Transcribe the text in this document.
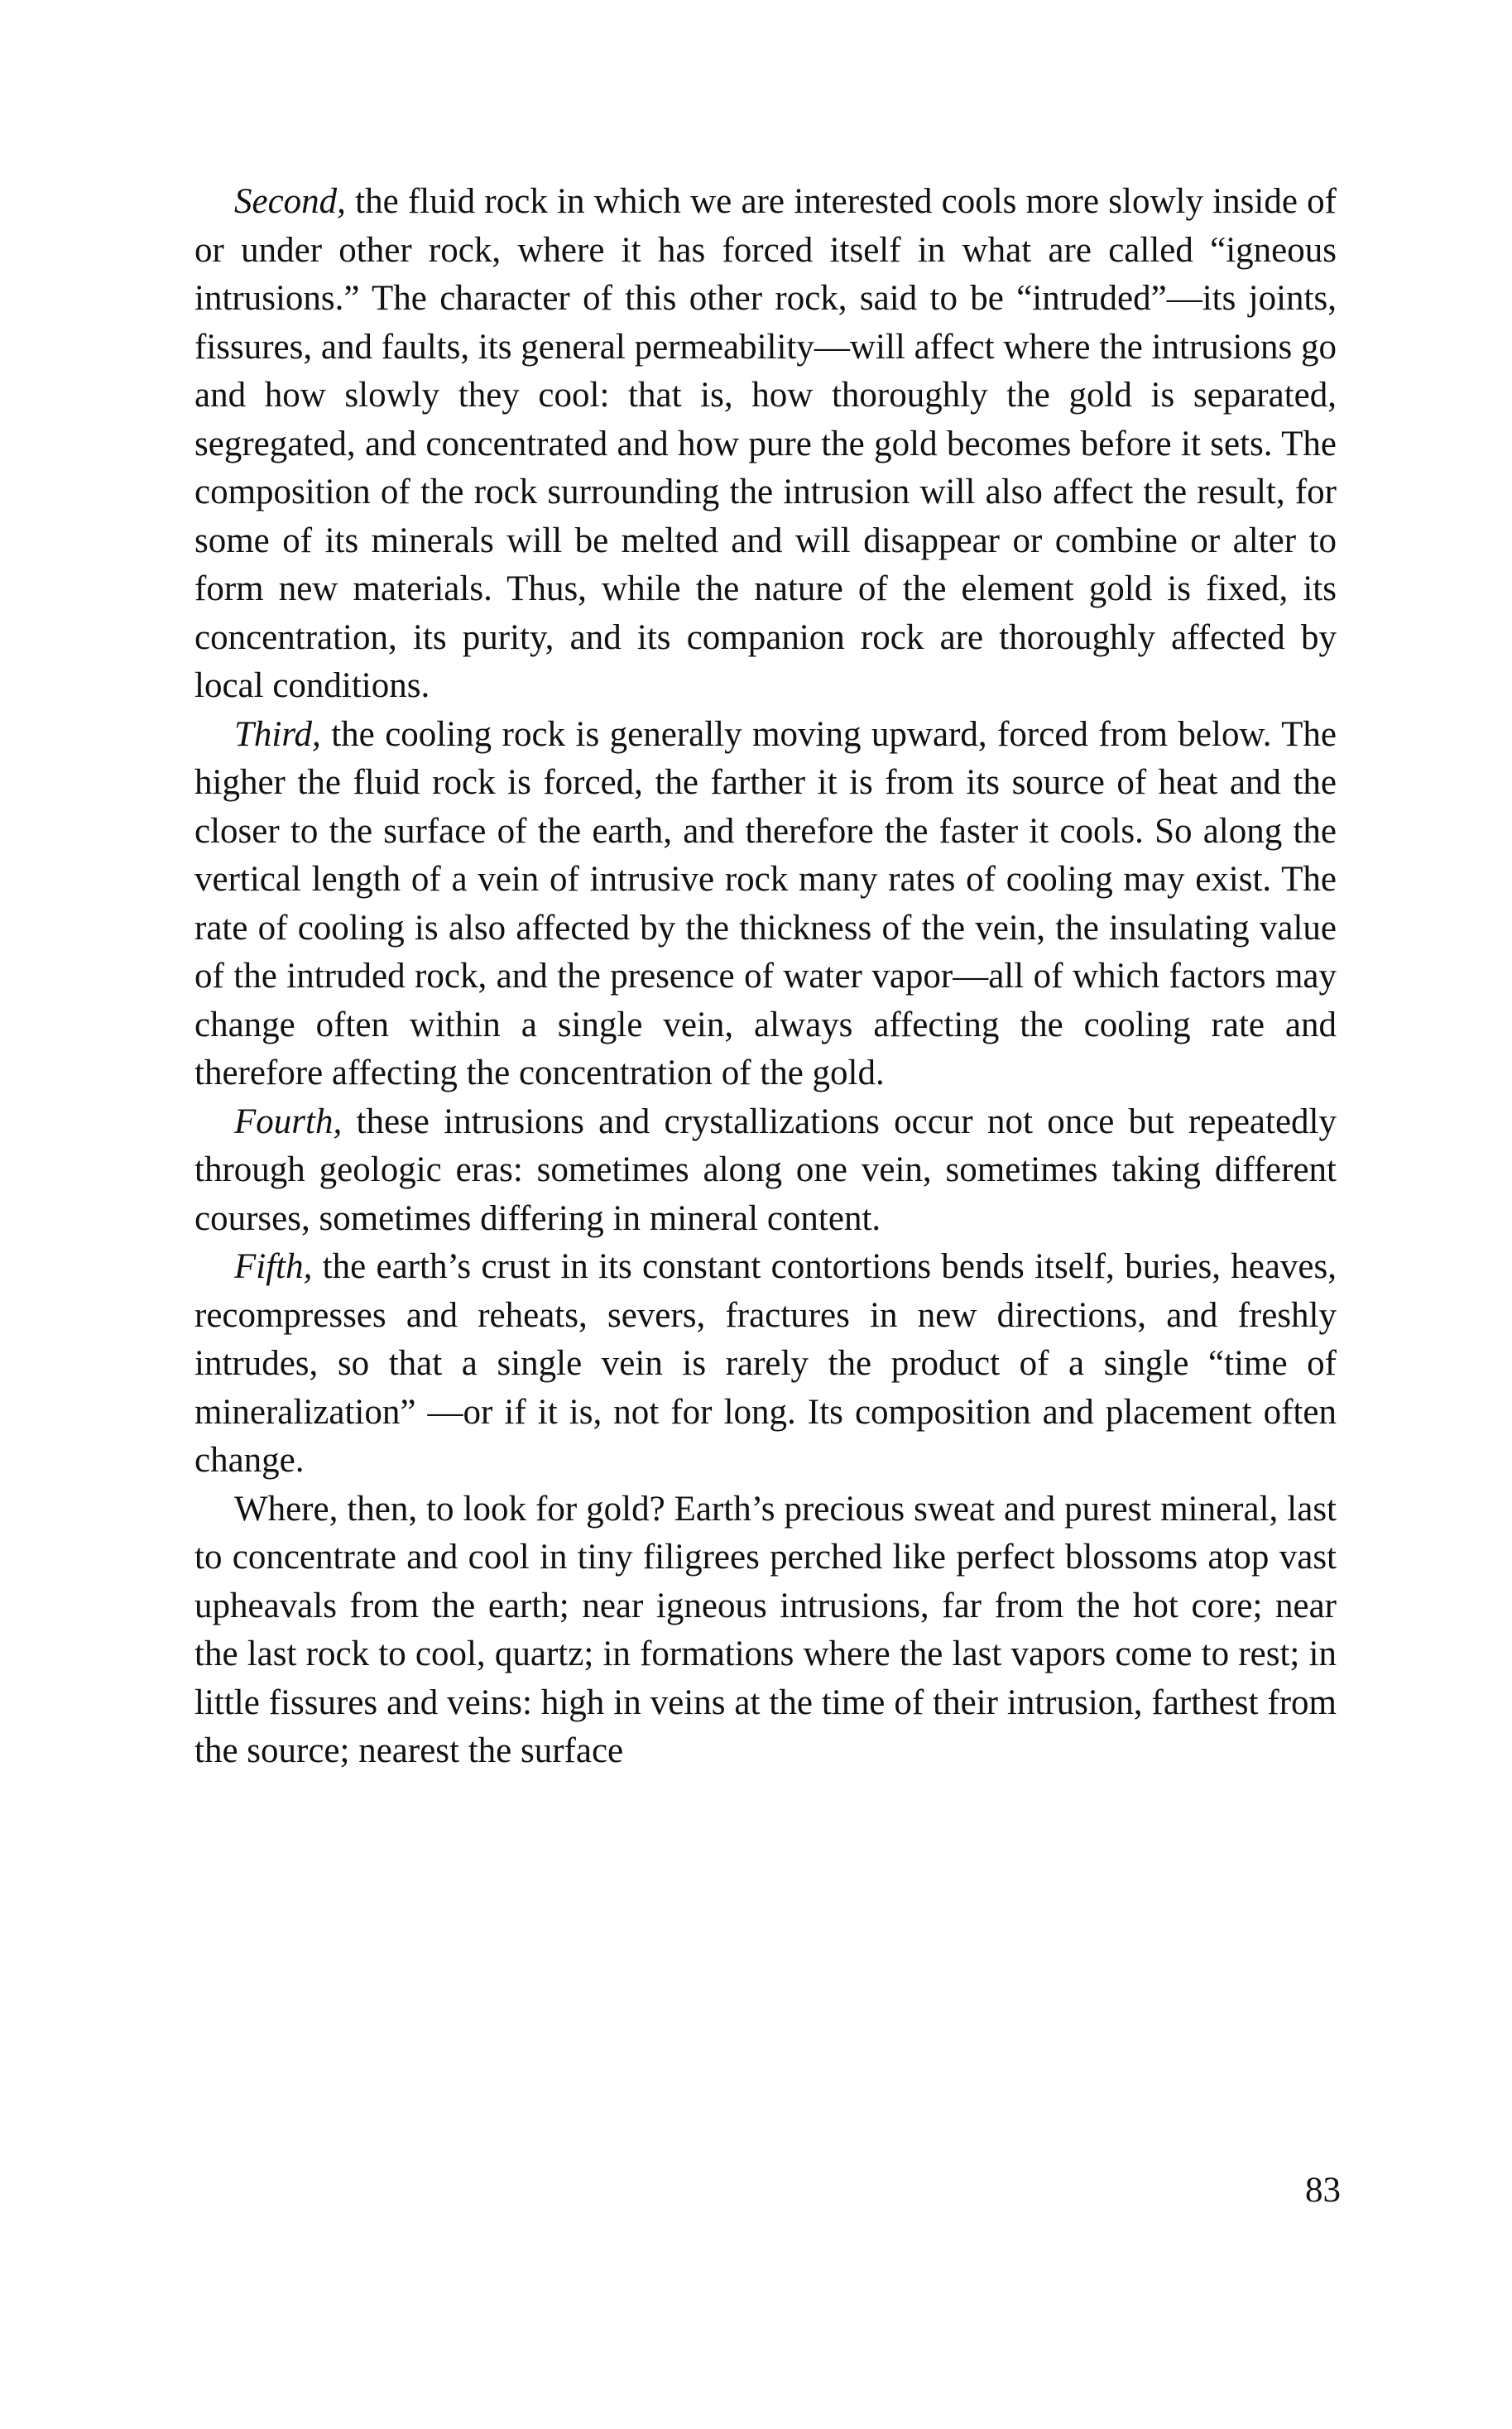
Second, the fluid rock in which we are interested cools more slowly inside of or under other rock, where it has forced itself in what are called “igneous intrusions.” The character of this other rock, said to be “intruded”—its joints, fissures, and faults, its general permeability—will affect where the intrusions go and how slowly they cool: that is, how thoroughly the gold is separated, segregated, and concentrated and how pure the gold becomes before it sets. The composition of the rock surrounding the intrusion will also affect the result, for some of its minerals will be melted and will disappear or combine or alter to form new materials. Thus, while the nature of the element gold is fixed, its concentration, its purity, and its companion rock are thoroughly affected by local conditions.

Third, the cooling rock is generally moving upward, forced from below. The higher the fluid rock is forced, the farther it is from its source of heat and the closer to the surface of the earth, and therefore the faster it cools. So along the vertical length of a vein of intrusive rock many rates of cooling may exist. The rate of cooling is also affected by the thickness of the vein, the insulating value of the intruded rock, and the presence of water vapor—all of which factors may change often within a single vein, always affecting the cooling rate and therefore affecting the concentration of the gold.

Fourth, these intrusions and crystallizations occur not once but repeatedly through geologic eras: sometimes along one vein, sometimes taking different courses, sometimes differing in mineral content.

Fifth, the earth’s crust in its constant contortions bends itself, buries, heaves, recompresses and reheats, severs, fractures in new directions, and freshly intrudes, so that a single vein is rarely the product of a single “time of mineralization” —or if it is, not for long. Its composition and placement often change.

Where, then, to look for gold? Earth’s precious sweat and purest mineral, last to concentrate and cool in tiny filigrees perched like perfect blossoms atop vast upheavals from the earth; near igneous intrusions, far from the hot core; near the last rock to cool, quartz; in formations where the last vapors come to rest; in little fissures and veins: high in veins at the time of their intrusion, farthest from the source; nearest the surface

83
